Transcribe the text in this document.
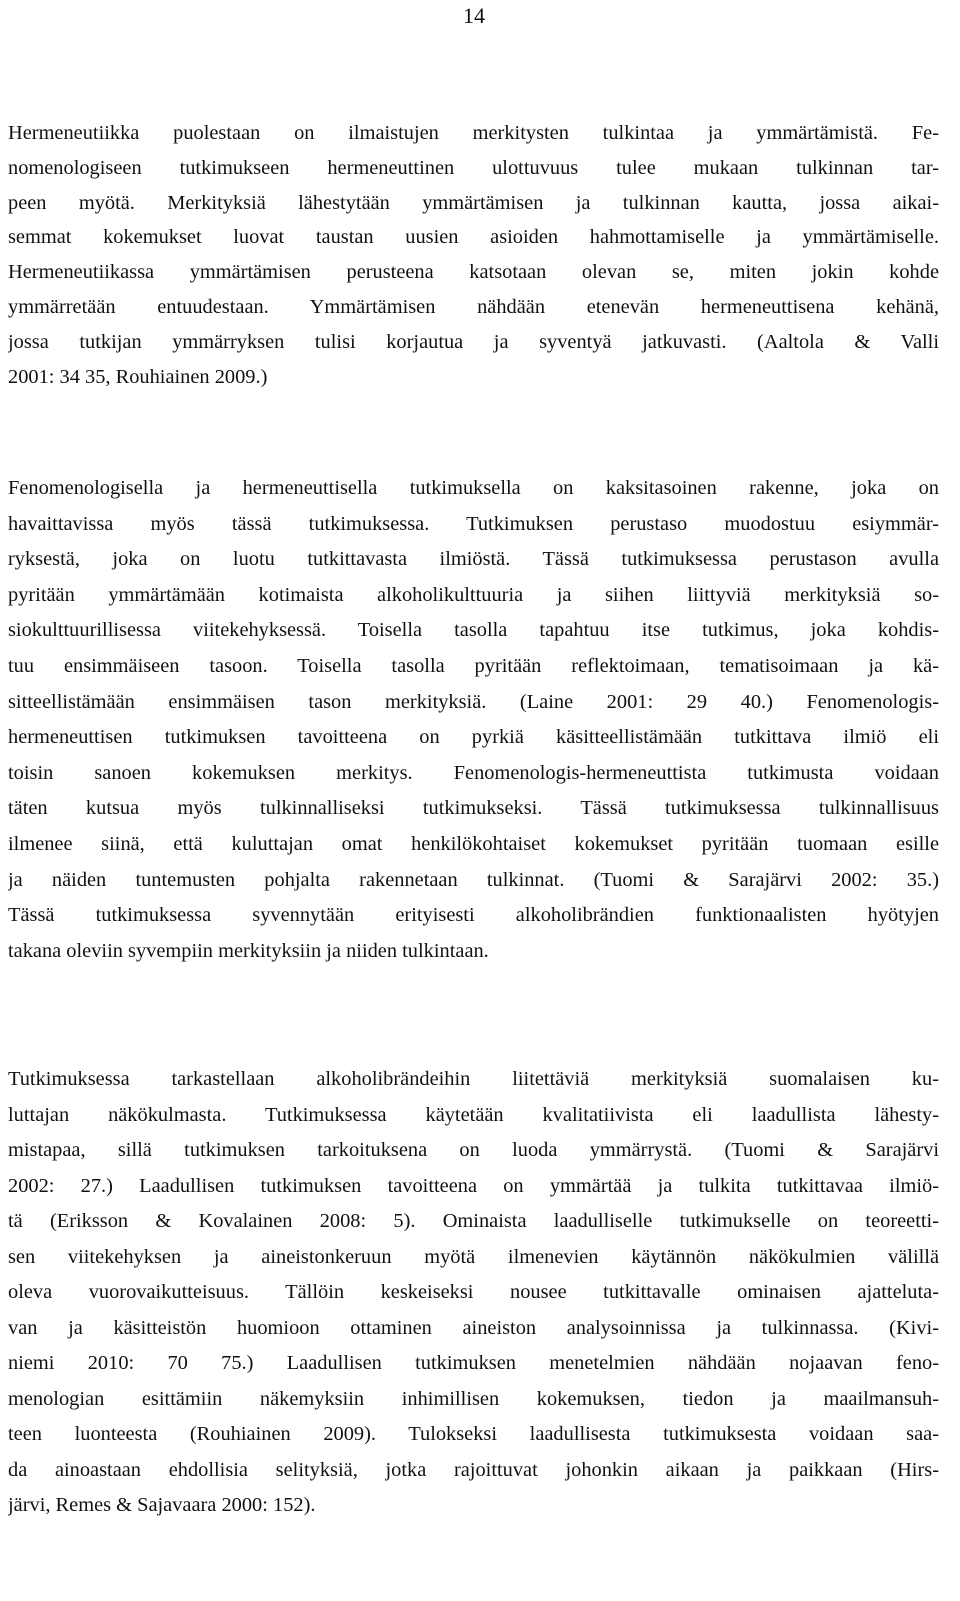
14
Hermeneutiikka puolestaan on ilmaistujen merkitysten tulkintaa ja ymmärtämistä. Fe-
nomenologiseen tutkimukseen hermeneuttinen ulottuvuus tulee mukaan tulkinnan tar-
peen myötä. Merkityksiä lähestytään ymmärtämisen ja tulkinnan kautta, jossa aikai-
semmat kokemukset luovat taustan uusien asioiden hahmottamiselle ja ymmärtämiselle.
Hermeneutiikassa ymmärtämisen perusteena katsotaan olevan se, miten jokin kohde
ymmärretään entuudestaan. Ymmärtämisen nähdään etenevän hermeneuttisena kehänä,
jossa tutkijan ymmärryksen tulisi korjautua ja syventyä jatkuvasti. (Aaltola & Valli
2001: 34 35, Rouhiainen 2009.)
Fenomenologisella ja hermeneuttisella tutkimuksella on kaksitasoinen rakenne, joka on
havaittavissa myös tässä tutkimuksessa. Tutkimuksen perustaso muodostuu esiymmär-
ryksestä, joka on luotu tutkittavasta ilmiöstä. Tässä tutkimuksessa perustason avulla
pyritään ymmärtämään kotimaista alkoholikulttuuria ja siihen liittyviä merkityksiä so-
siokulttuurillisessa viitekehyksessä. Toisella tasolla tapahtuu itse tutkimus, joka kohdis-
tuu ensimmäiseen tasoon. Toisella tasolla pyritään reflektoimaan, tematisoimaan ja kä-
sitteellistämään ensimmäisen tason merkityksiä. (Laine 2001: 29 40.) Fenomenologis-
hermeneuttisen tutkimuksen tavoitteena on pyrkiä käsitteellistämään tutkittava ilmiö eli
toisin sanoen kokemuksen merkitys. Fenomenologis-hermeneuttista tutkimusta voidaan
täten kutsua myös tulkinnalliseksi tutkimukseksi. Tässä tutkimuksessa tulkinnallisuus
ilmenee siinä, että kuluttajan omat henkilökohtaiset kokemukset pyritään tuomaan esille
ja näiden tuntemusten pohjalta rakennetaan tulkinnat. (Tuomi & Sarajärvi 2002: 35.)
Tässä tutkimuksessa syvennytään erityisesti alkoholibrändien funktionaalisten hyötyjen
takana oleviin syvempiin merkityksiin ja niiden tulkintaan.
Tutkimuksessa tarkastellaan alkoholibrändeihin liitettäviä merkityksiä suomalaisen ku-
luttajan näkökulmasta. Tutkimuksessa käytetään kvalitatiivista eli laadullista lähesty-
mistapaa, sillä tutkimuksen tarkoituksena on luoda ymmärrystä. (Tuomi & Sarajärvi
2002: 27.) Laadullisen tutkimuksen tavoitteena on ymmärtää ja tulkita tutkittavaa ilmiö-
tä (Eriksson & Kovalainen 2008: 5). Ominaista laadulliselle tutkimukselle on teoreetti-
sen viitekehyksen ja aineistonkeruun myötä ilmenevien käytännön näkökulmien välillä
oleva vuorovaikutteisuus. Tällöin keskeiseksi nousee tutkittavalle ominaisen ajatteluta-
van ja käsitteistön huomioon ottaminen aineiston analysoinnissa ja tulkinnassa. (Kivi-
niemi 2010: 70 75.) Laadullisen tutkimuksen menetelmien nähdään nojaavan feno-
menologian esittämiin näkemyksiin inhimillisen kokemuksen, tiedon ja maailmansuh-
teen luonteesta (Rouhiainen 2009). Tulokseksi laadullisesta tutkimuksesta voidaan saa-
da ainoastaan ehdollisia selityksiä, jotka rajoittuvat johonkin aikaan ja paikkaan (Hirs-
järvi, Remes & Sajavaara 2000: 152).
